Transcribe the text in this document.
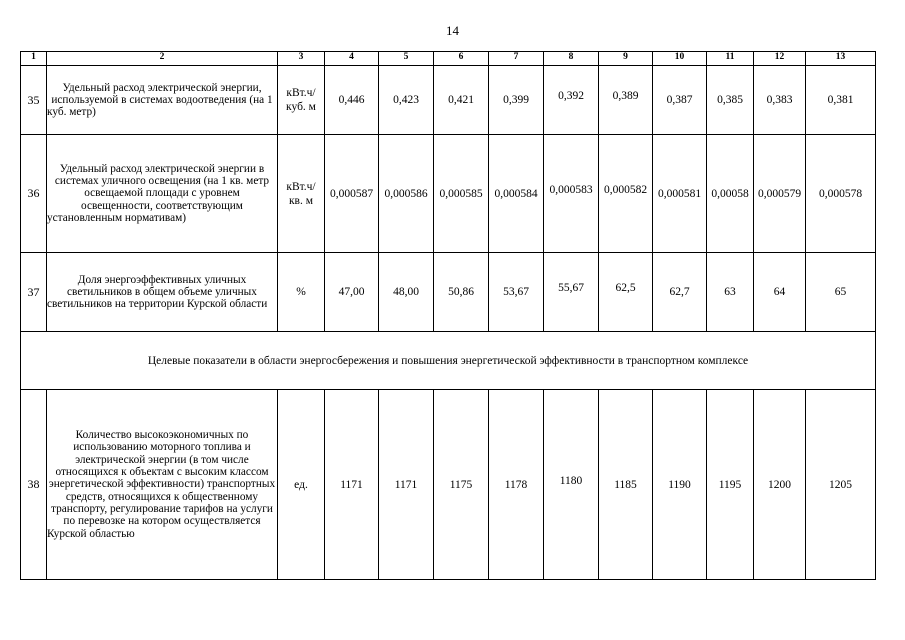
14
1	2	3	4	5	6	7	8	9	10	11	12	13
35	Удельный расход электрической энергии, используемой в системах водоотведения (на 1 куб. метр)	кВт.ч/ куб. м	0,446	0,423	0,421	0,399	0,392	0,389	0,387	0,385	0,383	0,381
36	Удельный расход электрической энергии в системах уличного освещения (на 1 кв. метр освещаемой площади с уровнем освещенности, соответствующим установленным нормативам)	кВт.ч/ кв. м	0,000587	0,000586	0,000585	0,000584	0,000583	0,000582	0,000581	0,00058	0,000579	0,000578
37	Доля энергоэффективных уличных светильников в общем объеме уличных светильников на территории Курской области	%	47,00	48,00	50,86	53,67	55,67	62,5	62,7	63	64	65
Целевые показатели в области энергосбережения и повышения энергетической эффективности в транспортном комплексе												
38	Количество высокоэкономичных по использованию моторного топлива и электрической энергии (в том числе относящихся к объектам с высоким классом энергетической эффективности) транспортных средств, относящихся к общественному транспорту, регулирование тарифов на услуги по перевозке на котором осуществляется Курской областью	ед.	1171	1171	1175	1178	1180	1185	1190	1195	1200	1205
